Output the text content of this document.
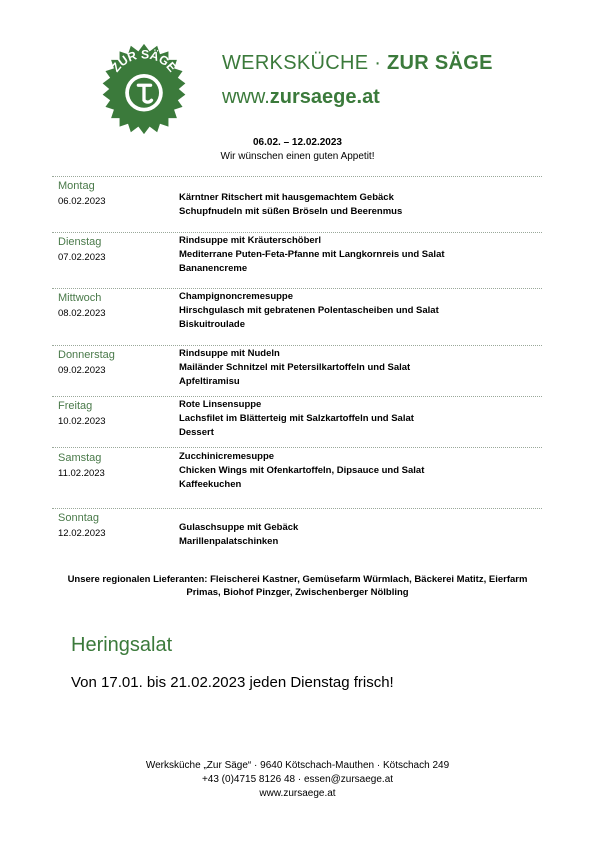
ZUR SÄGE WERKSKÜCHE · ZUR SÄGE
www.zursaege.at
06.02. – 12.02.2023
Wir wünschen einen guten Appetit!
Montag
06.02.2023	Kärntner Ritschert mit hausgemachtem Gebäck
Schupfnudeln mit süßen Bröseln und Beerenmus
Dienstag
07.02.2023
Rindsuppe mit Kräuterschöberl
Mediterrane Puten-Feta-Pfanne mit Langkornreis und Salat
Bananencreme
Mittwoch
08.02.2023
Champignoncremesuppe
Hirschgulasch mit gebratenen Polentascheiben und Salat
Biskuitroulade
Donnerstag
09.02.2023
Rindsuppe mit Nudeln
Mailänder Schnitzel mit Petersilkartoffeln und Salat
Apfeltiramisu
Freitag
10.02.2023
Rote Linsensuppe
Lachsfilet im Blätterteig mit Salzkartoffeln und Salat
Dessert
Samstag
11.02.2023
Zucchinicremesuppe
Chicken Wings mit Ofenkartoffeln, Dipsauce und Salat
Kaffeekuchen
Sonntag
12.02.2023
Gulaschsuppe mit Gebäck
Marillenpalatschinken
Unsere regionalen Lieferanten: Fleischerei Kastner, Gemüsefarm Würmlach, Bäckerei Matitz, Eierfarm
Primas, Biohof Pinzger, Zwischenberger Nölbling
Heringsalat
Von 17.01. bis 21.02.2023 jeden Dienstag frisch!
Werksküche „Zur Säge“ · 9640 Kötschach-Mauthen · Kötschach 249
+43 (0)4715 8126 48 · essen@zursaege.at
www.zursaege.at
